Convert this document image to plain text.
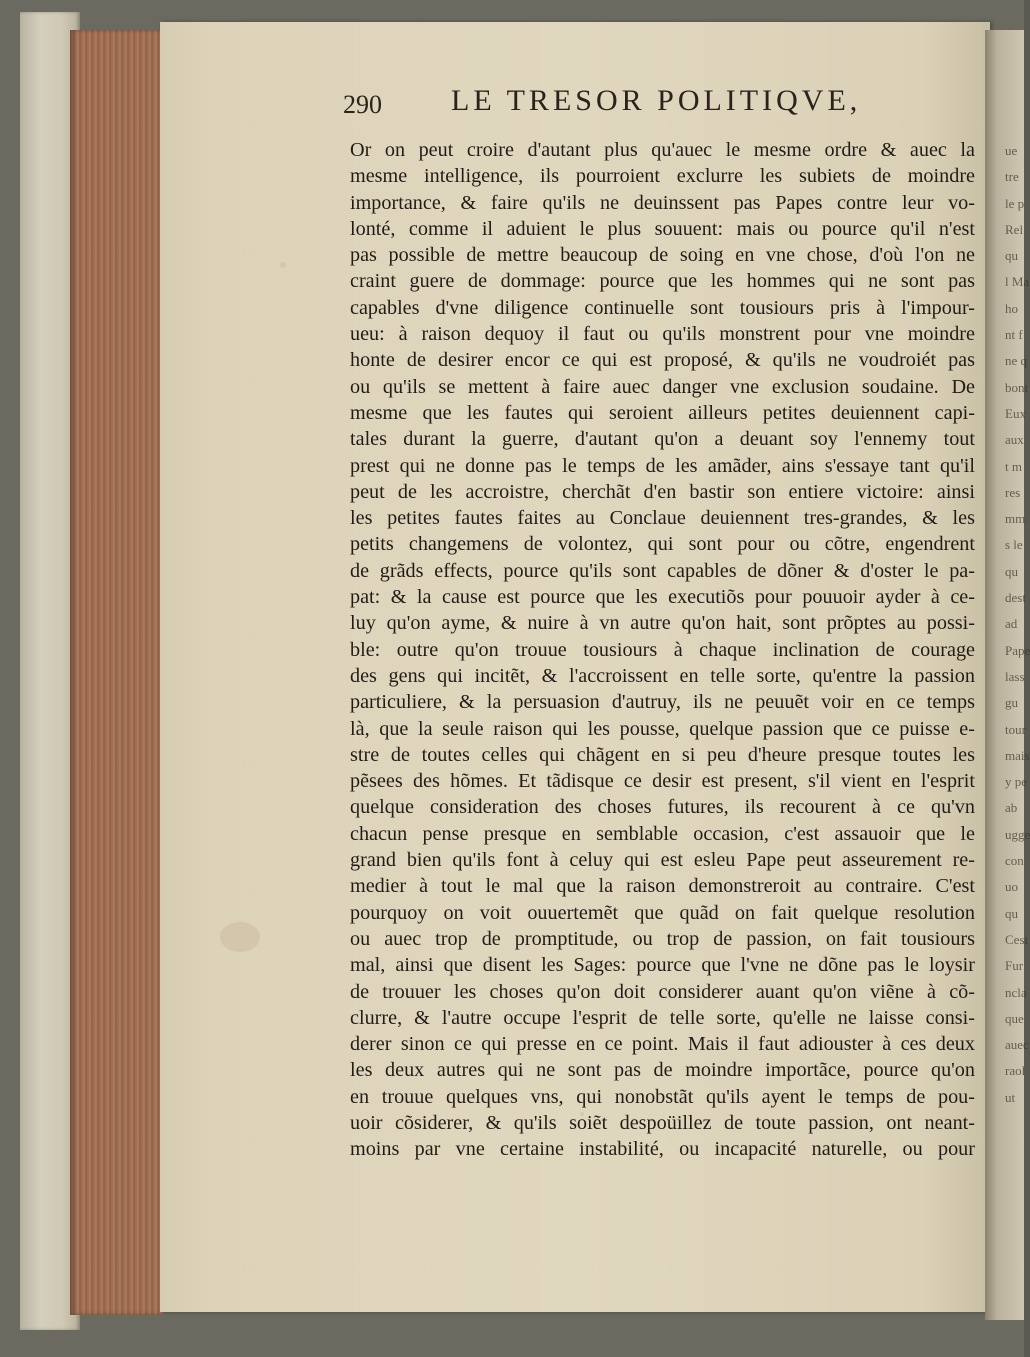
ue
tre
le p
Rel
qu
l Ma
ho
nt f
ne q
bont
Eux
aux
t m
res
mm
s le
qu
dest
ad
Pape
lass
gu
tour
mais
y pe
ab
ugge
con
uo
qu
Cest
Fur
ncla
que
auec
raol
ut
290 LE TRESOR POLITIQVE,
Or on peut croire d'autant plus qu'auec le mesme ordre & auec la
mesme intelligence, ils pourroient exclurre les subiets de moindre
importance, & faire qu'ils ne deuinssent pas Papes contre leur vo-
lonté, comme il aduient le plus souuent: mais ou pource qu'il n'est
pas possible de mettre beaucoup de soing en vne chose, d'où l'on ne
craint guere de dommage: pource que les hommes qui ne sont pas
capables d'vne diligence continuelle sont tousiours pris à l'impour-
ueu: à raison dequoy il faut ou qu'ils monstrent pour vne moindre
honte de desirer encor ce qui est proposé, & qu'ils ne voudroiét pas
ou qu'ils se mettent à faire auec danger vne exclusion soudaine. De
mesme que les fautes qui seroient ailleurs petites deuiennent capi-
tales durant la guerre, d'autant qu'on a deuant soy l'ennemy tout
prest qui ne donne pas le temps de les amãder, ains s'essaye tant qu'il
peut de les accroistre, cherchãt d'en bastir son entiere victoire: ainsi
les petites fautes faites au Conclaue deuiennent tres-grandes, & les
petits changemens de volontez, qui sont pour ou cõtre, engendrent
de grãds effects, pource qu'ils sont capables de dõner & d'oster le pa-
pat: & la cause est pource que les executiõs pour pouuoir ayder à ce-
luy qu'on ayme, & nuire à vn autre qu'on hait, sont prõptes au possi-
ble: outre qu'on trouue tousiours à chaque inclination de courage
des gens qui incitẽt, & l'accroissent en telle sorte, qu'entre la passion
particuliere, & la persuasion d'autruy, ils ne peuuẽt voir en ce temps
là, que la seule raison qui les pousse, quelque passion que ce puisse e-
stre de toutes celles qui chãgent en si peu d'heure presque toutes les
pẽsees des hõmes. Et tãdisque ce desir est present, s'il vient en l'esprit
quelque consideration des choses futures, ils recourent à ce qu'vn
chacun pense presque en semblable occasion, c'est assauoir que le
grand bien qu'ils font à celuy qui est esleu Pape peut asseurement re-
medier à tout le mal que la raison demonstreroit au contraire. C'est
pourquoy on voit ouuertemẽt que quãd on fait quelque resolution
ou auec trop de promptitude, ou trop de passion, on fait tousiours
mal, ainsi que disent les Sages: pource que l'vne ne dõne pas le loysir
de trouuer les choses qu'on doit considerer auant qu'on viẽne à cõ-
clurre, & l'autre occupe l'esprit de telle sorte, qu'elle ne laisse consi-
derer sinon ce qui presse en ce point. Mais il faut adiouster à ces deux
les deux autres qui ne sont pas de moindre importãce, pource qu'on
en trouue quelques vns, qui nonobstãt qu'ils ayent le temps de pou-
uoir cõsiderer, & qu'ils soiẽt despoüillez de toute passion, ont neant-
moins par vne certaine instabilité, ou incapacité naturelle, ou pour
